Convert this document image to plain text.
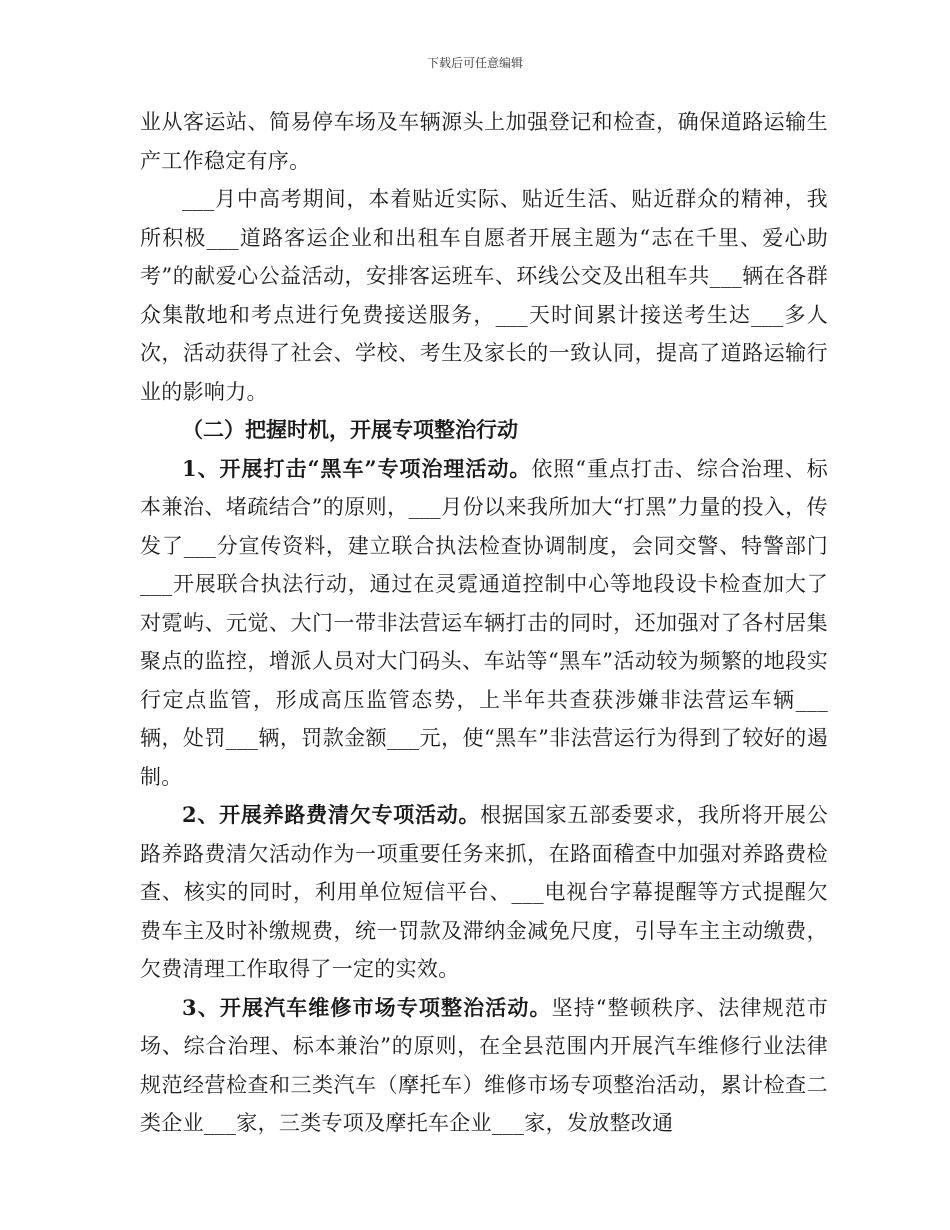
下载后可任意编辑

业从客运站、简易停车场及车辆源头上加强登记和检查，确保道路运输生产工作稳定有序。

___月中高考期间，本着贴近实际、贴近生活、贴近群众的精神，我所积极___道路客运企业和出租车自愿者开展主题为“志在千里、爱心助考”的献爱心公益活动，安排客运班车、环线公交及出租车共___辆在各群众集散地和考点进行免费接送服务，___天时间累计接送考生达___多人次，活动获得了社会、学校、考生及家长的一致认同，提高了道路运输行业的影响力。

（二）把握时机，开展专项整治行动

1、开展打击“黑车”专项治理活动。依照“重点打击、综合治理、标本兼治、堵疏结合”的原则，___月份以来我所加大“打黑”力量的投入，传发了___分宣传资料，建立联合执法检查协调制度，会同交警、特警部门___开展联合执法行动，通过在灵霓通道控制中心等地段设卡检查加大了对霓屿、元觉、大门一带非法营运车辆打击的同时，还加强对了各村居集聚点的监控，增派人员对大门码头、车站等“黑车”活动较为频繁的地段实行定点监管，形成高压监管态势，上半年共查获涉嫌非法营运车辆___辆，处罚___辆，罚款金额___元，使“黑车”非法营运行为得到了较好的遏制。

2、开展养路费清欠专项活动。根据国家五部委要求，我所将开展公路养路费清欠活动作为一项重要任务来抓，在路面稽查中加强对养路费检查、核实的同时，利用单位短信平台、___电视台字幕提醒等方式提醒欠费车主及时补缴规费，统一罚款及滞纳金减免尺度，引导车主主动缴费，欠费清理工作取得了一定的实效。

3、开展汽车维修市场专项整治活动。坚持“整顿秩序、法律规范市场、综合治理、标本兼治”的原则，在全县范围内开展汽车维修行业法律规范经营检查和三类汽车（摩托车）维修市场专项整治活动，累计检查二类企业___家，三类专项及摩托车企业___家，发放整改通
